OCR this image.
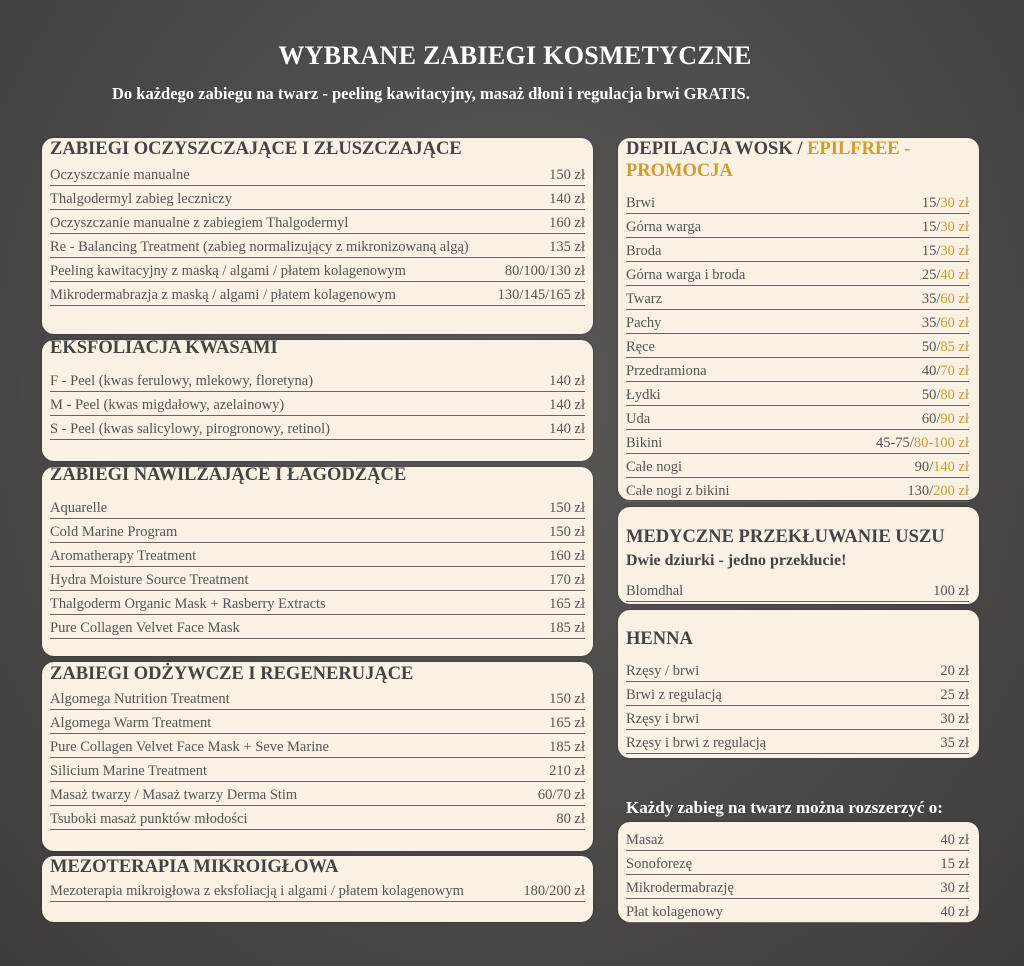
WYBRANE ZABIEGI KOSMETYCZNE
Do każdego zabiegu na twarz - peeling kawitacyjny, masaż dłoni i regulacja brwi GRATIS.
ZABIEGI OCZYSZCZAJĄCE I ZŁUSZCZAJĄCE
Oczyszczanie manualne	150 zł
Thalgodermyl zabieg leczniczy	140 zł
Oczyszczanie manualne z zabiegiem Thalgodermyl	160 zł
Re - Balancing Treatment (zabieg normalizujący z mikronizowaną algą)	135 zł
Peeling kawitacyjny z maską / algami / płatem kolagenowym	80/100/130 zł
Mikrodermabrazja z maską / algami / płatem kolagenowym	130/145/165 zł
EKSFOLIACJA KWASAMI
F - Peel (kwas ferulowy, mlekowy, floretyna)	140 zł
M - Peel (kwas migdałowy, azelainowy)	140 zł
S - Peel (kwas salicylowy, pirogronowy, retinol)	140 zł
ZABIEGI NAWILŻAJĄCE I ŁAGODZĄCE
Aquarelle	150 zł
Cold Marine Program	150 zł
Aromatherapy Treatment	160 zł
Hydra Moisture Source Treatment	170 zł
Thalgoderm Organic Mask + Rasberry Extracts	165 zł
Pure Collagen Velvet Face Mask	185 zł
ZABIEGI ODŻYWCZE I REGENERUJĄCE
Algomega Nutrition Treatment	150 zł
Algomega Warm Treatment	165 zł
Pure Collagen Velvet Face Mask + Seve Marine	185 zł
Silicium Marine Treatment	210 zł
Masaż twarzy / Masaż twarzy Derma Stim	60/70 zł
Tsuboki masaż punktów młodości	80 zł
MEZOTERAPIA MIKROIGŁOWA
Mezoterapia mikroigłowa z eksfoliacją i algami / płatem kolagenowym	180/200 zł
DEPILACJA WOSK / EPILFREE -
PROMOCJA
Brwi	15/30 zł
Górna warga	15/30 zł
Broda	15/30 zł
Górna warga i broda	25/40 zł
Twarz	35/60 zł
Pachy	35/60 zł
Ręce	50/85 zł
Przedramiona	40/70 zł
Łydki	50/80 zł
Uda	60/90 zł
Bikini	45-75/80-100 zł
Całe nogi	90/140 zł
Całe nogi z bikini	130/200 zł
MEDYCZNE PRZEKŁUWANIE USZU
Dwie dziurki - jedno przekłucie!
Blomdhal	100 zł
HENNA
Rzęsy / brwi	20 zł
Brwi z regulacją	25 zł
Rzęsy i brwi	30 zł
Rzęsy i brwi z regulacją	35 zł
Każdy zabieg na twarz można rozszerzyć o:
Masaż	40 zł
Sonoforezę	15 zł
Mikrodermabrazję	30 zł
Płat kolagenowy	40 zł
